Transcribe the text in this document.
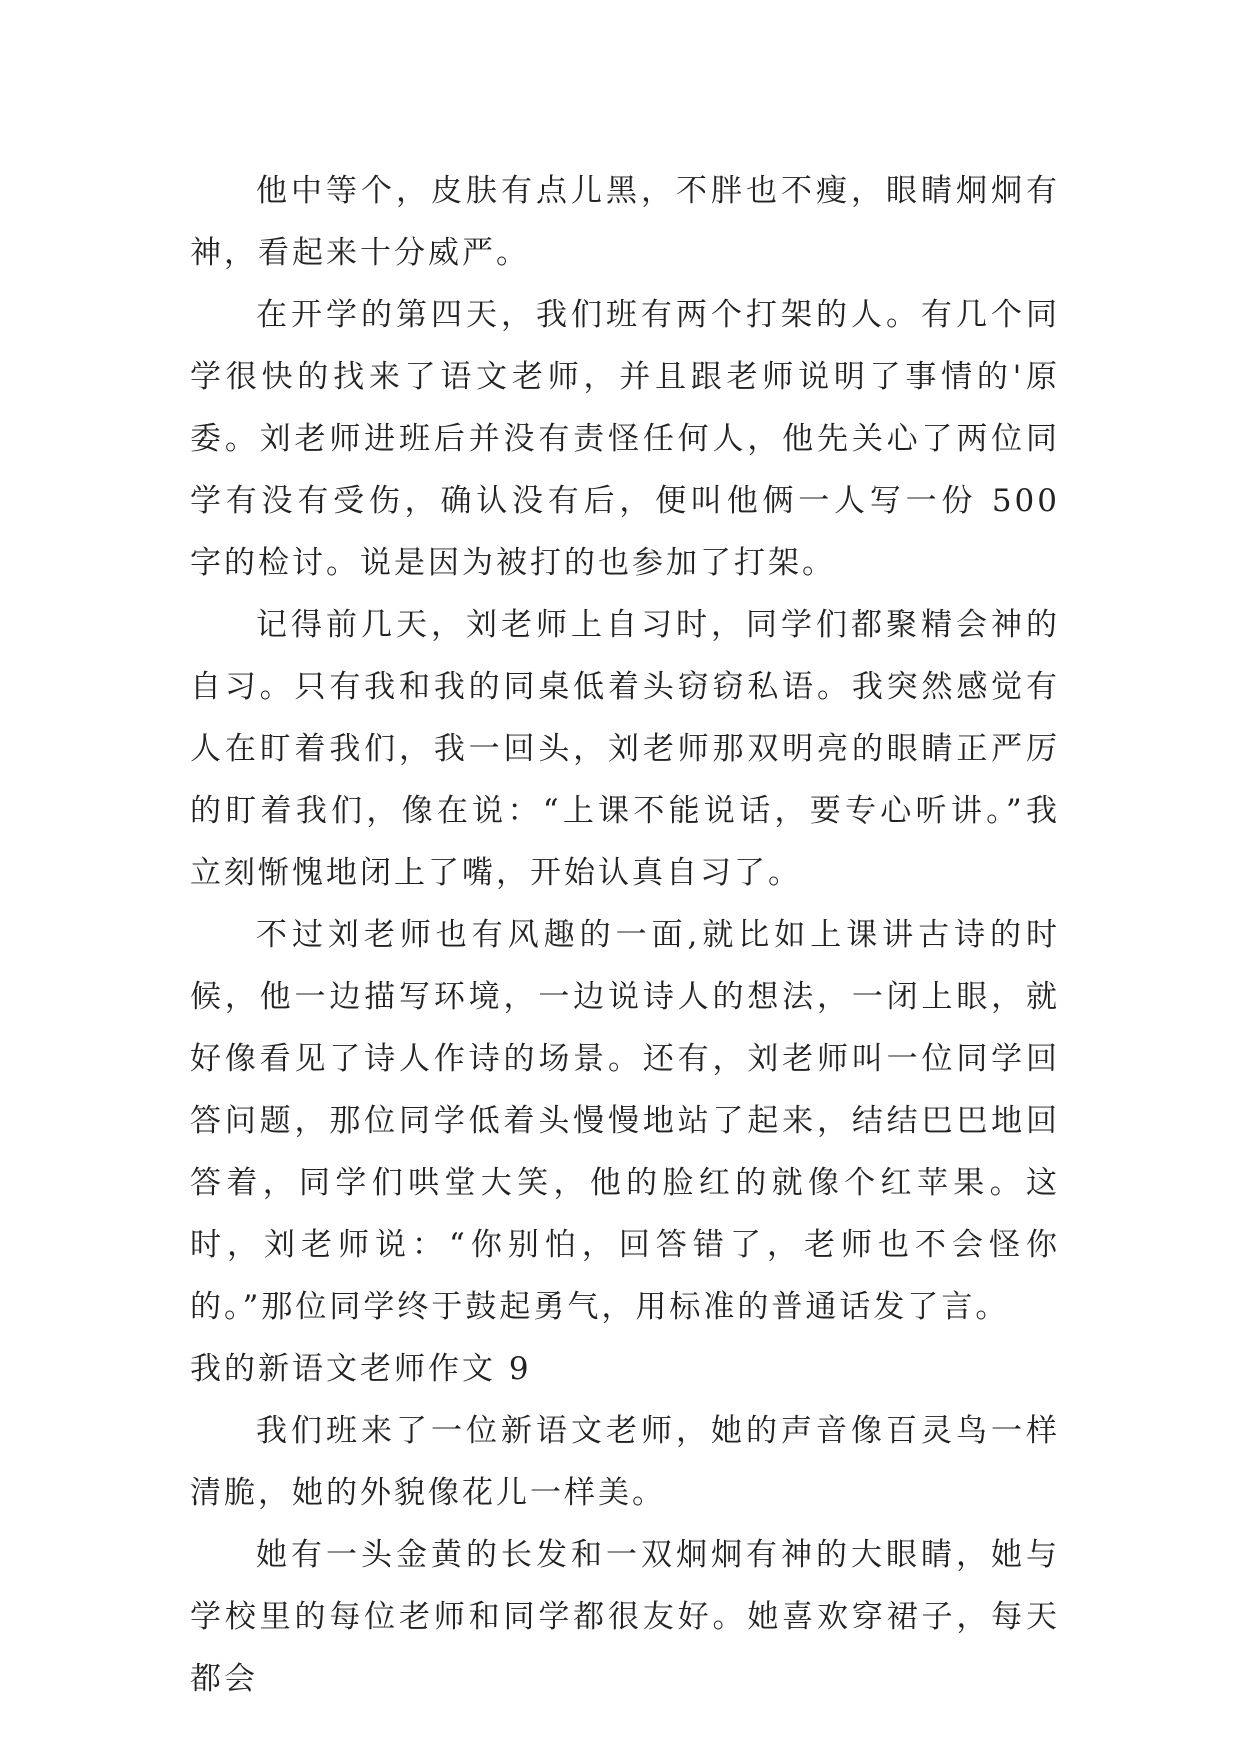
他中等个，皮肤有点儿黑，不胖也不瘦，眼睛炯炯有神，看起来十分威严。

在开学的第四天，我们班有两个打架的人。有几个同学很快的找来了语文老师，并且跟老师说明了事情的'原委。刘老师进班后并没有责怪任何人，他先关心了两位同学有没有受伤，确认没有后，便叫他俩一人写一份 500 字的检讨。说是因为被打的也参加了打架。

记得前几天，刘老师上自习时，同学们都聚精会神的自习。只有我和我的同桌低着头窃窃私语。我突然感觉有人在盯着我们，我一回头，刘老师那双明亮的眼睛正严厉的盯着我们，像在说：“上课不能说话，要专心听讲。”我立刻惭愧地闭上了嘴，开始认真自习了。

不过刘老师也有风趣的一面,就比如上课讲古诗的时候，他一边描写环境，一边说诗人的想法，一闭上眼，就好像看见了诗人作诗的场景。还有，刘老师叫一位同学回答问题，那位同学低着头慢慢地站了起来，结结巴巴地回答着，同学们哄堂大笑，他的脸红的就像个红苹果。这时，刘老师说：“你别怕，回答错了，老师也不会怪你的。”那位同学终于鼓起勇气，用标准的普通话发了言。

我的新语文老师作文 9

我们班来了一位新语文老师，她的声音像百灵鸟一样清脆，她的外貌像花儿一样美。

她有一头金黄的长发和一双炯炯有神的大眼睛，她与学校里的每位老师和同学都很友好。她喜欢穿裙子，每天都会
